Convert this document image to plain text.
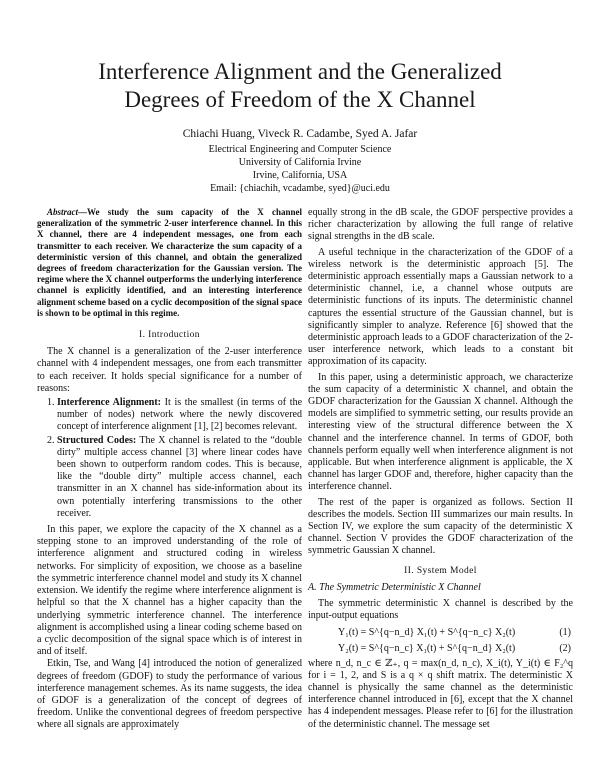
Interference Alignment and the Generalized
Degrees of Freedom of the X Channel
Chiachi Huang, Viveck R. Cadambe, Syed A. Jafar
Electrical Engineering and Computer Science
University of California Irvine
Irvine, California, USA
Email: {chiachih, vcadambe, syed}@uci.edu

Abstract—We study the sum capacity of the X channel generalization of the symmetric 2-user interference channel. In this X channel, there are 4 independent messages, one from each transmitter to each receiver. We characterize the sum capacity of a deterministic version of this channel, and obtain the generalized degrees of freedom characterization for the Gaussian version. The regime where the X channel outperforms the underlying interference channel is explicitly identified, and an interesting interference alignment scheme based on a cyclic decomposition of the signal space is shown to be optimal in this regime.

I. Introduction

The X channel is a generalization of the 2-user interference channel with 4 independent messages, one from each transmitter to each receiver. It holds special significance for a number of reasons:

1. Interference Alignment: It is the smallest (in terms of the number of nodes) network where the newly discovered concept of interference alignment [1], [2] becomes relevant.
2. Structured Codes: The X channel is related to the “double dirty” multiple access channel [3] where linear codes have been shown to outperform random codes. This is because, like the “double dirty” multiple access channel, each transmitter in an X channel has side-information about its own potentially interfering transmissions to the other receiver.

In this paper, we explore the capacity of the X channel as a stepping stone to an improved understanding of the role of interference alignment and structured coding in wireless networks. For simplicity of exposition, we choose as a baseline the symmetric interference channel model and study its X channel extension. We identify the regime where interference alignment is helpful so that the X channel has a higher capacity than the underlying symmetric interference channel. The interference alignment is accomplished using a linear coding scheme based on a cyclic decomposition of the signal space which is of interest in and of itself.

Etkin, Tse, and Wang [4] introduced the notion of generalized degrees of freedom (GDOF) to study the performance of various interference management schemes. As its name suggests, the idea of GDOF is a generalization of the concept of degrees of freedom. Unlike the conventional degrees of freedom perspective where all signals are approximately

equally strong in the dB scale, the GDOF perspective provides a richer characterization by allowing the full range of relative signal strengths in the dB scale.

A useful technique in the characterization of the GDOF of a wireless network is the deterministic approach [5]. The deterministic approach essentially maps a Gaussian network to a deterministic channel, i.e, a channel whose outputs are deterministic functions of its inputs. The deterministic channel captures the essential structure of the Gaussian channel, but is significantly simpler to analyze. Reference [6] showed that the deterministic approach leads to a GDOF characterization of the 2-user interference network, which leads to a constant bit approximation of its capacity.

In this paper, using a deterministic approach, we characterize the sum capacity of a deterministic X channel, and obtain the GDOF characterization for the Gaussian X channel. Although the models are simplified to symmetric setting, our results provide an interesting view of the structural difference between the X channel and the interference channel. In terms of GDOF, both channels perform equally well when interference alignment is not applicable. But when interference alignment is applicable, the X channel has larger GDOF and, therefore, higher capacity than the interference channel.

The rest of the paper is organized as follows. Section II describes the models. Section III summarizes our main results. In Section IV, we explore the sum capacity of the deterministic X channel. Section V provides the GDOF characterization of the symmetric Gaussian X channel.

II. System Model
A. The Symmetric Deterministic X Channel

The symmetric deterministic X channel is described by the input-output equations

Y₁(t) = S^{q−n_d} X₁(t) + S^{q−n_c} X₂(t)	(1)
Y₂(t) = S^{q−n_c} X₁(t) + S^{q−n_d} X₂(t)	(2)

where n_d, n_c ∈ ℤ₊, q = max(n_d, n_c), X_i(t), Y_i(t) ∈ F₂^q for i = 1, 2, and S is a q × q shift matrix. The deterministic X channel is physically the same channel as the deterministic interference channel introduced in [6], except that the X channel has 4 independent messages. Please refer to [6] for the illustration of the deterministic channel. The message set
